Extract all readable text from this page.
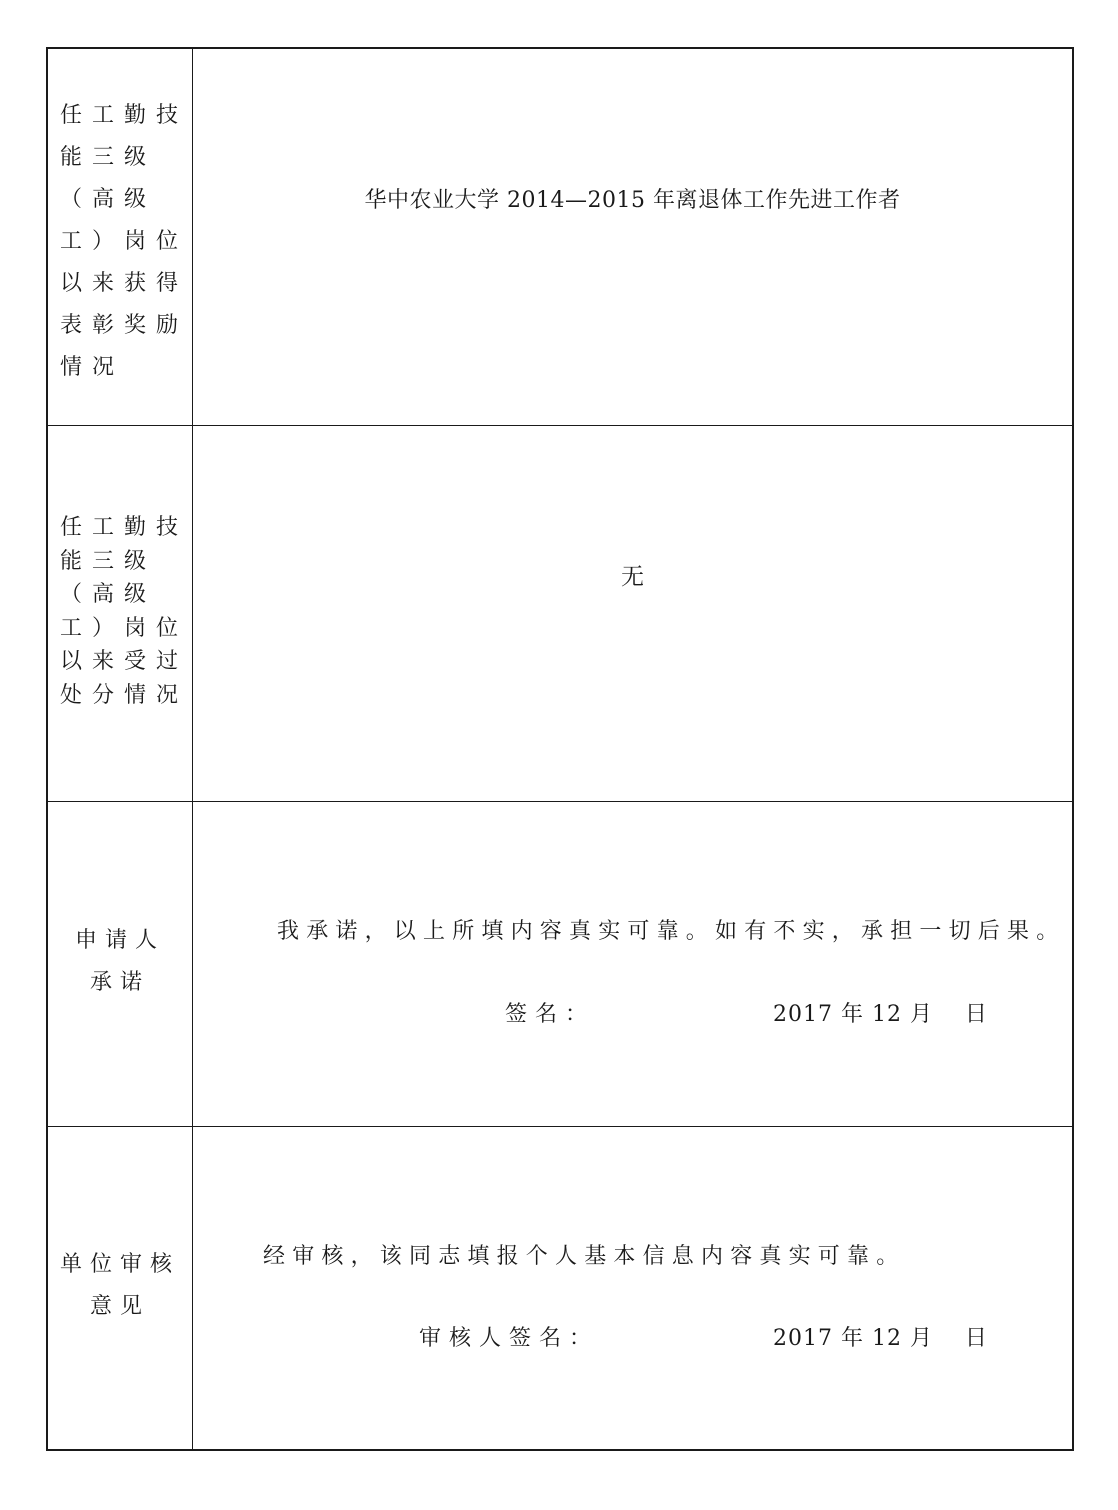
任 工 勤 技
能 三 级
（ 高 级
工 ） 岗 位
以 来 获 得
表 彰 奖 励
情 况
华中农业大学 2014—2015 年离退体工作先进工作者
任 工 勤 技
能 三 级
（ 高 级
工 ） 岗 位
以 来 受 过
处 分 情 况
无
申请人
承诺
我承诺，以上所填内容真实可靠。如有不实，承担一切后果。
签名：	2017 年 12 月    日
单位审核
意见
经审核，该同志填报个人基本信息内容真实可靠。
审核人签名：	2017 年 12 月    日
